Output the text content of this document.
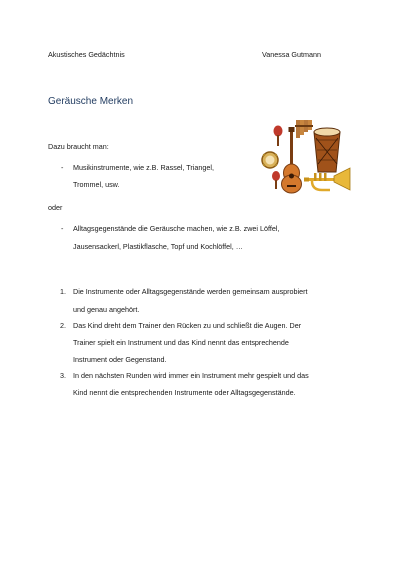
Akustisches Gedächtnis	Vanessa Gutmann
Geräusche Merken
Dazu braucht man:
- Musikinstrumente, wie z.B. Rassel, Triangel,
Trommel, usw.
oder
- Alltagsgegenstände die Geräusche machen, wie z.B. zwei Löffel,
Jausensackerl, Plastikflasche, Topf und Kochlöffel, …
1. Die Instrumente oder Alltagsgegenstände werden gemeinsam ausprobiert
und genau angehört.
2. Das Kind dreht dem Trainer den Rücken zu und schließt die Augen. Der
Trainer spielt ein Instrument und das Kind nennt das entsprechende
Instrument oder Gegenstand.
3. In den nächsten Runden wird immer ein Instrument mehr gespielt und das
Kind nennt die entsprechenden Instrumente oder Alltagsgegenstände.
